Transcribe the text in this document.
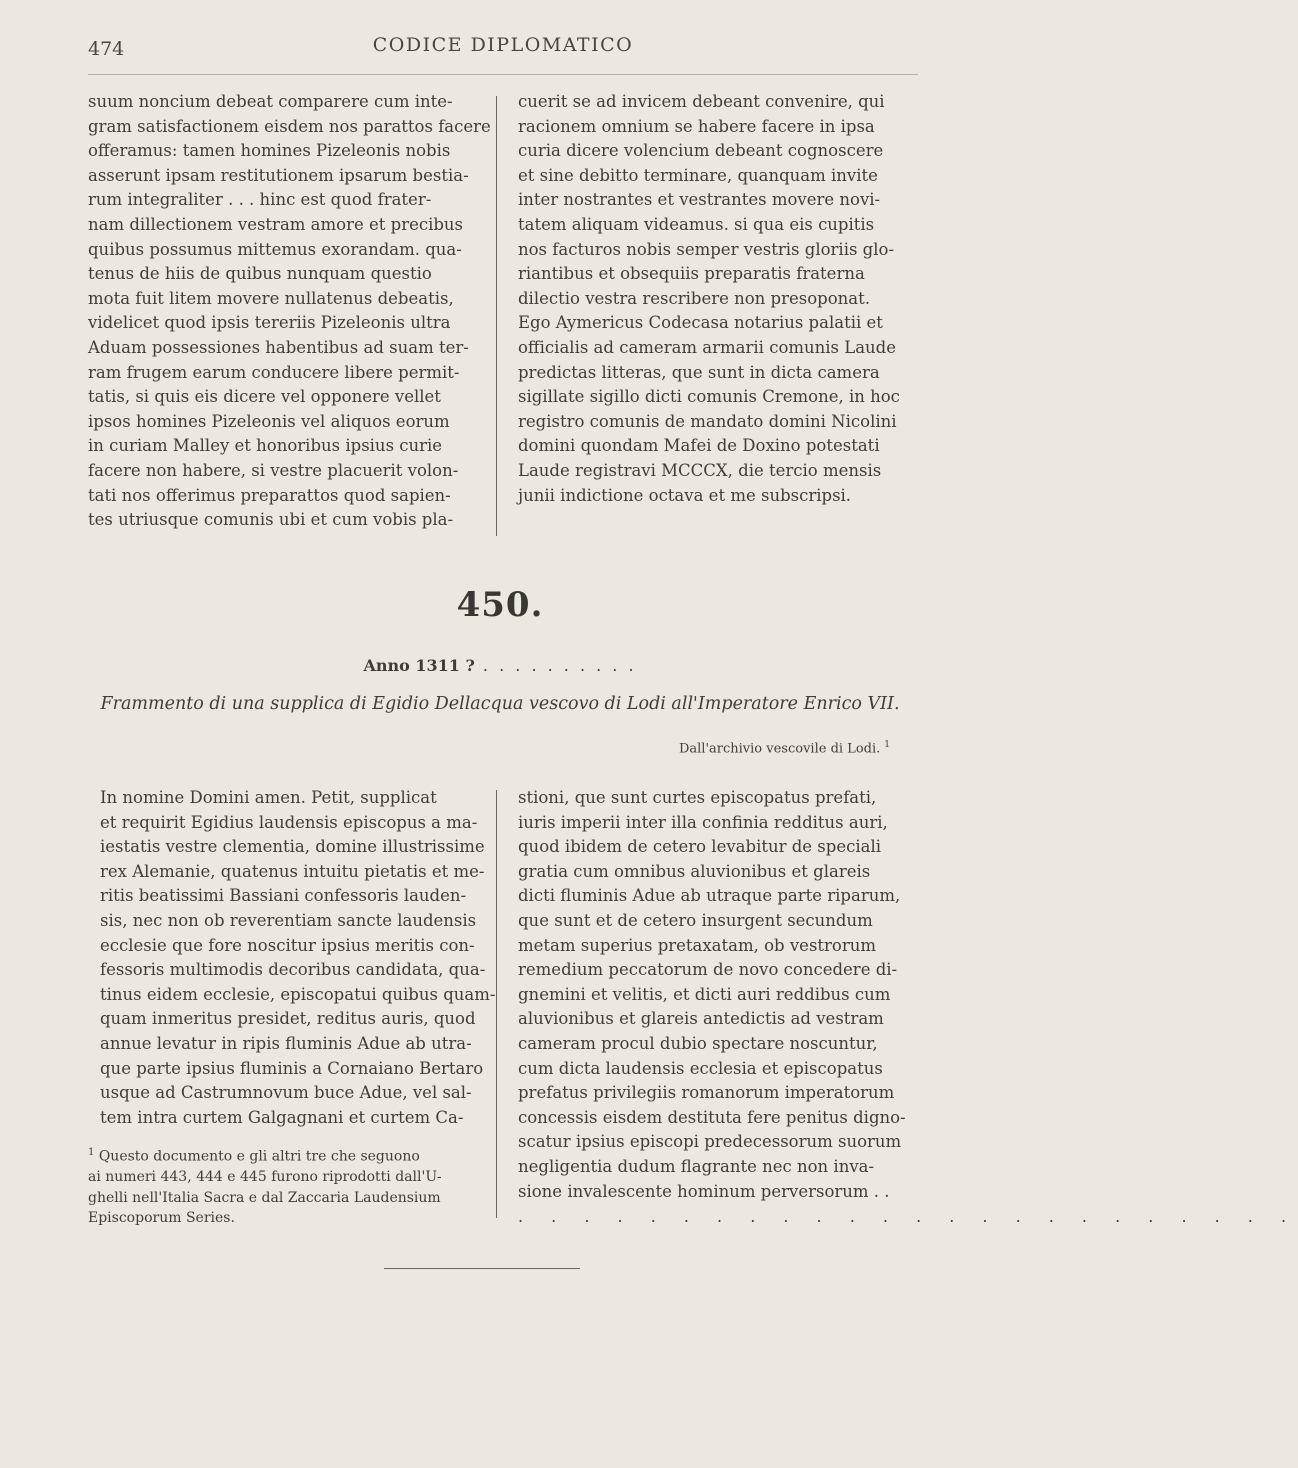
474	CODICE DIPLOMATICO
suum noncium debeat comparere cum inte-
gram satisfactionem eisdem nos parattos facere
offeramus: tamen homines Pizeleonis nobis
asserunt ipsam restitutionem ipsarum bestia-
rum integraliter . . . hinc est quod frater-
nam dillectionem vestram amore et precibus
quibus possumus mittemus exorandam. qua-
tenus de hiis de quibus nunquam questio
mota fuit litem movere nullatenus debeatis,
videlicet quod ipsis tereriis Pizeleonis ultra
Aduam possessiones habentibus ad suam ter-
ram frugem earum conducere libere permit-
tatis, si quis eis dicere vel opponere vellet
ipsos homines Pizeleonis vel aliquos eorum
in curiam Malley et honoribus ipsius curie
facere non habere, si vestre placuerit volon-
tati nos offerimus preparattos quod sapien-
tes utriusque comunis ubi et cum vobis pla-
cuerit se ad invicem debeant convenire, qui
racionem omnium se habere facere in ipsa
curia dicere volencium debeant cognoscere
et sine debitto terminare, quanquam invite
inter nostrantes et vestrantes movere novi-
tatem aliquam videamus. si qua eis cupitis
nos facturos nobis semper vestris gloriis glo-
riantibus et obsequiis preparatis fraterna
dilectio vestra rescribere non presoponat.
Ego Aymericus Codecasa notarius palatii et
officialis ad cameram armarii comunis Laude
predictas litteras, que sunt in dicta camera
sigillate sigillo dicti comunis Cremone, in hoc
registro comunis de mandato domini Nicolini
domini quondam Mafei de Doxino potestati
Laude registravi MCCCX, die tercio mensis
junii indictione octava et me subscripsi.
450.
Anno 1311 ? . . . . . . . . . .
Frammento di una supplica di Egidio Dellacqua vescovo di Lodi all'Imperatore Enrico VII.
Dall'archivio vescovile di Lodi. $^1$
In nomine Domini amen. Petit, supplicat
et requirit Egidius laudensis episcopus a ma-
iestatis vestre clementia, domine illustrissime
rex Alemanie, quatenus intuitu pietatis et me-
ritis beatissimi Bassiani confessoris lauden-
sis, nec non ob reverentiam sancte laudensis
ecclesie que fore noscitur ipsius meritis con-
fessoris multimodis decoribus candidata, qua-
tinus eidem ecclesie, episcopatui quibus quam-
quam inmeritus presidet, reditus auris, quod
annue levatur in ripis fluminis Adue ab utra-
que parte ipsius fluminis a Cornaiano Bertaro
usque ad Castrumnovum buce Adue, vel sal-
tem intra curtem Galgagnani et curtem Ca-
stioni, que sunt curtes episcopatus prefati,
iuris imperii inter illa confinia redditus auri,
quod ibidem de cetero levabitur de speciali
gratia cum omnibus aluvionibus et glareis
dicti fluminis Adue ab utraque parte riparum,
que sunt et de cetero insurgent secundum
metam superius pretaxatam, ob vestrorum
remedium peccatorum de novo concedere di-
gnemini et velitis, et dicti auri reddibus cum
aluvionibus et glareis antedictis ad vestram
cameram procul dubio spectare noscuntur,
cum dicta laudensis ecclesia et episcopatus
prefatus privilegiis romanorum imperatorum
concessis eisdem destituta fere penitus digno-
scatur ipsius episcopi predecessorum suorum
negligentia dudum flagrante nec non inva-
sione invalescente hominum perversorum . .
$^1$ Questo documento e gli altri tre che seguono
ai numeri 443, 444 e 445 furono riprodotti dall'U-
ghelli nell'Italia Sacra e dal Zaccaria Laudensium
Episcoporum Series.	. . . . . . . . . . . . . . . . . . . . . . . .
